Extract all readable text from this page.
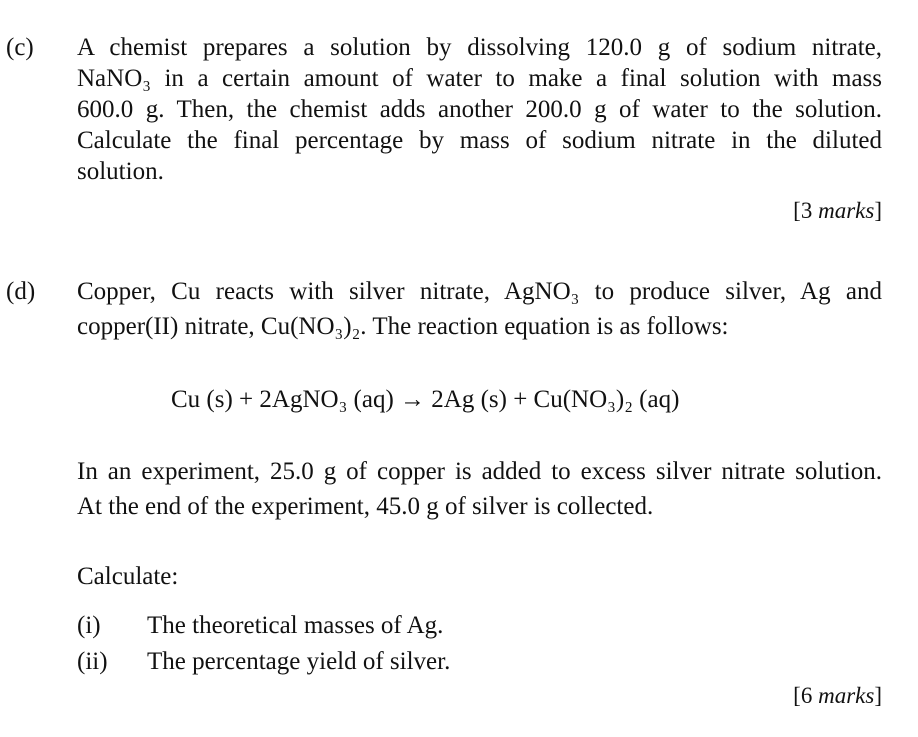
(c) A chemist prepares a solution by dissolving 120.0 g of sodium nitrate,
NaNO₃ in a certain amount of water to make a final solution with mass
600.0 g. Then, the chemist adds another 200.0 g of water to the solution.
Calculate the final percentage by mass of sodium nitrate in the diluted
solution.
[3 marks]
(d) Copper, Cu reacts with silver nitrate, AgNO₃ to produce silver, Ag and
copper(II) nitrate, Cu(NO₃)₂. The reaction equation is as follows:
Cu (s) + 2AgNO₃ (aq) → 2Ag (s) + Cu(NO₃)₂ (aq)
In an experiment, 25.0 g of copper is added to excess silver nitrate solution.
At the end of the experiment, 45.0 g of silver is collected.
Calculate:
(i) The theoretical masses of Ag.
(ii) The percentage yield of silver.
[6 marks]
